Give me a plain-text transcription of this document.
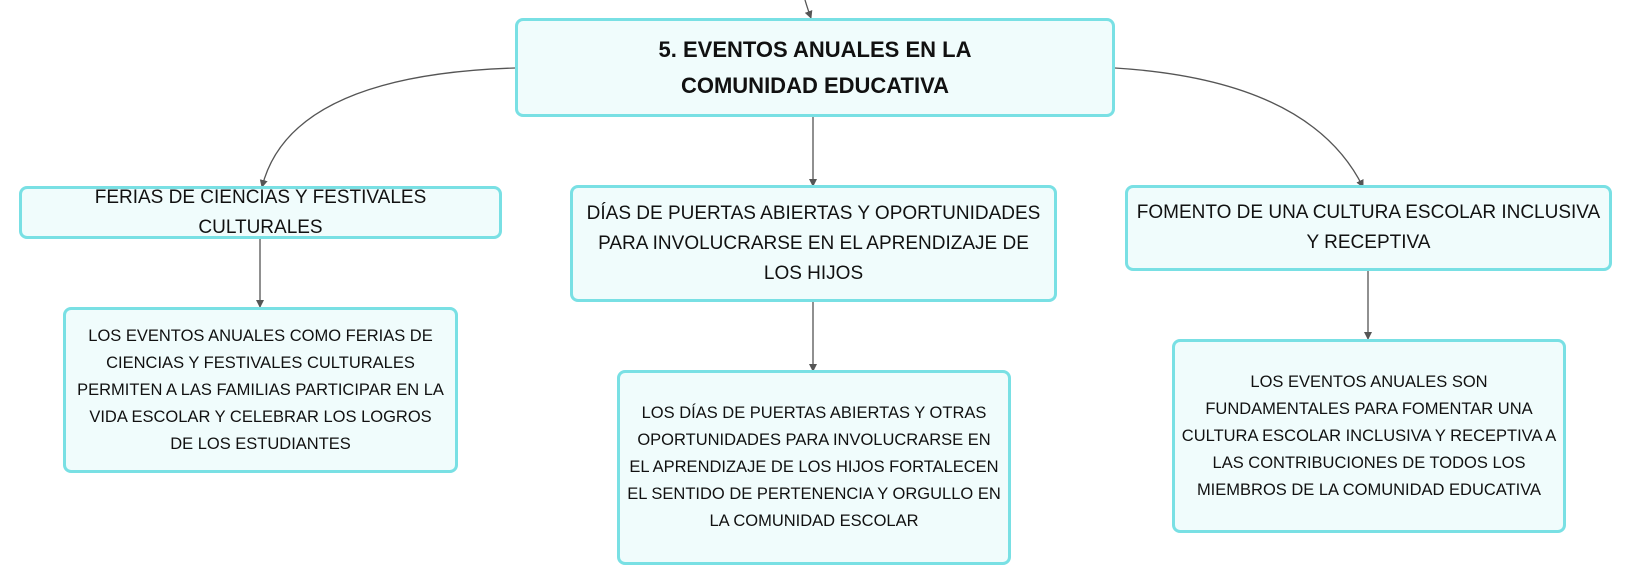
5. EVENTOS ANUALES EN LA COMUNIDAD EDUCATIVA
FERIAS DE CIENCIAS Y FESTIVALES CULTURALES
DÍAS DE PUERTAS ABIERTAS Y OPORTUNIDADES PARA INVOLUCRARSE EN EL APRENDIZAJE DE LOS HIJOS
FOMENTO DE UNA CULTURA ESCOLAR INCLUSIVA Y RECEPTIVA
LOS EVENTOS ANUALES COMO FERIAS DE CIENCIAS Y FESTIVALES CULTURALES PERMITEN A LAS FAMILIAS PARTICIPAR EN LA VIDA ESCOLAR Y CELEBRAR LOS LOGROS DE LOS ESTUDIANTES
LOS DÍAS DE PUERTAS ABIERTAS Y OTRAS OPORTUNIDADES PARA INVOLUCRARSE EN EL APRENDIZAJE DE LOS HIJOS FORTALECEN EL SENTIDO DE PERTENENCIA Y ORGULLO EN LA COMUNIDAD ESCOLAR
LOS EVENTOS ANUALES SON FUNDAMENTALES PARA FOMENTAR UNA CULTURA ESCOLAR INCLUSIVA Y RECEPTIVA A LAS CONTRIBUCIONES DE TODOS LOS MIEMBROS DE LA COMUNIDAD EDUCATIVA
